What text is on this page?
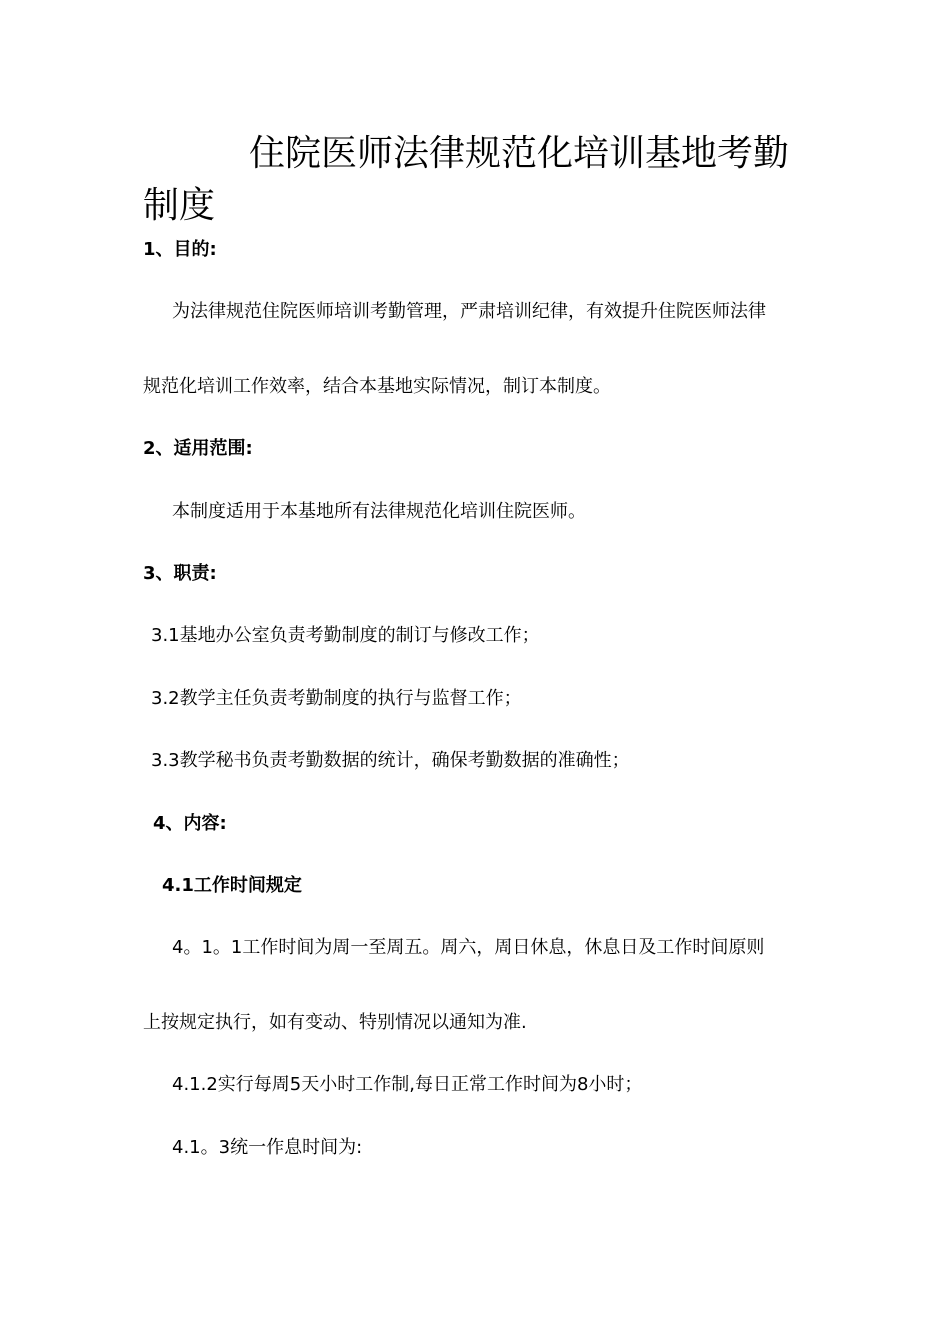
住院医师法律规范化培训基地考勤制度

1、目的:

为法律规范住院医师培训考勤管理，严肃培训纪律，有效提升住院医师法律

规范化培训工作效率，结合本基地实际情况，制订本制度。

2、适用范围:

本制度适用于本基地所有法律规范化培训住院医师。

3、职责:

3.1基地办公室负责考勤制度的制订与修改工作；

3.2教学主任负责考勤制度的执行与监督工作；

3.3教学秘书负责考勤数据的统计，确保考勤数据的准确性；

4、内容:

4.1工作时间规定

4。1。1工作时间为周一至周五。周六，周日休息，休息日及工作时间原则

上按规定执行，如有变动、特别情况以通知为准.

4.1.2实行每周5天小时工作制,每日正常工作时间为8小时；

4.1。3统一作息时间为:
